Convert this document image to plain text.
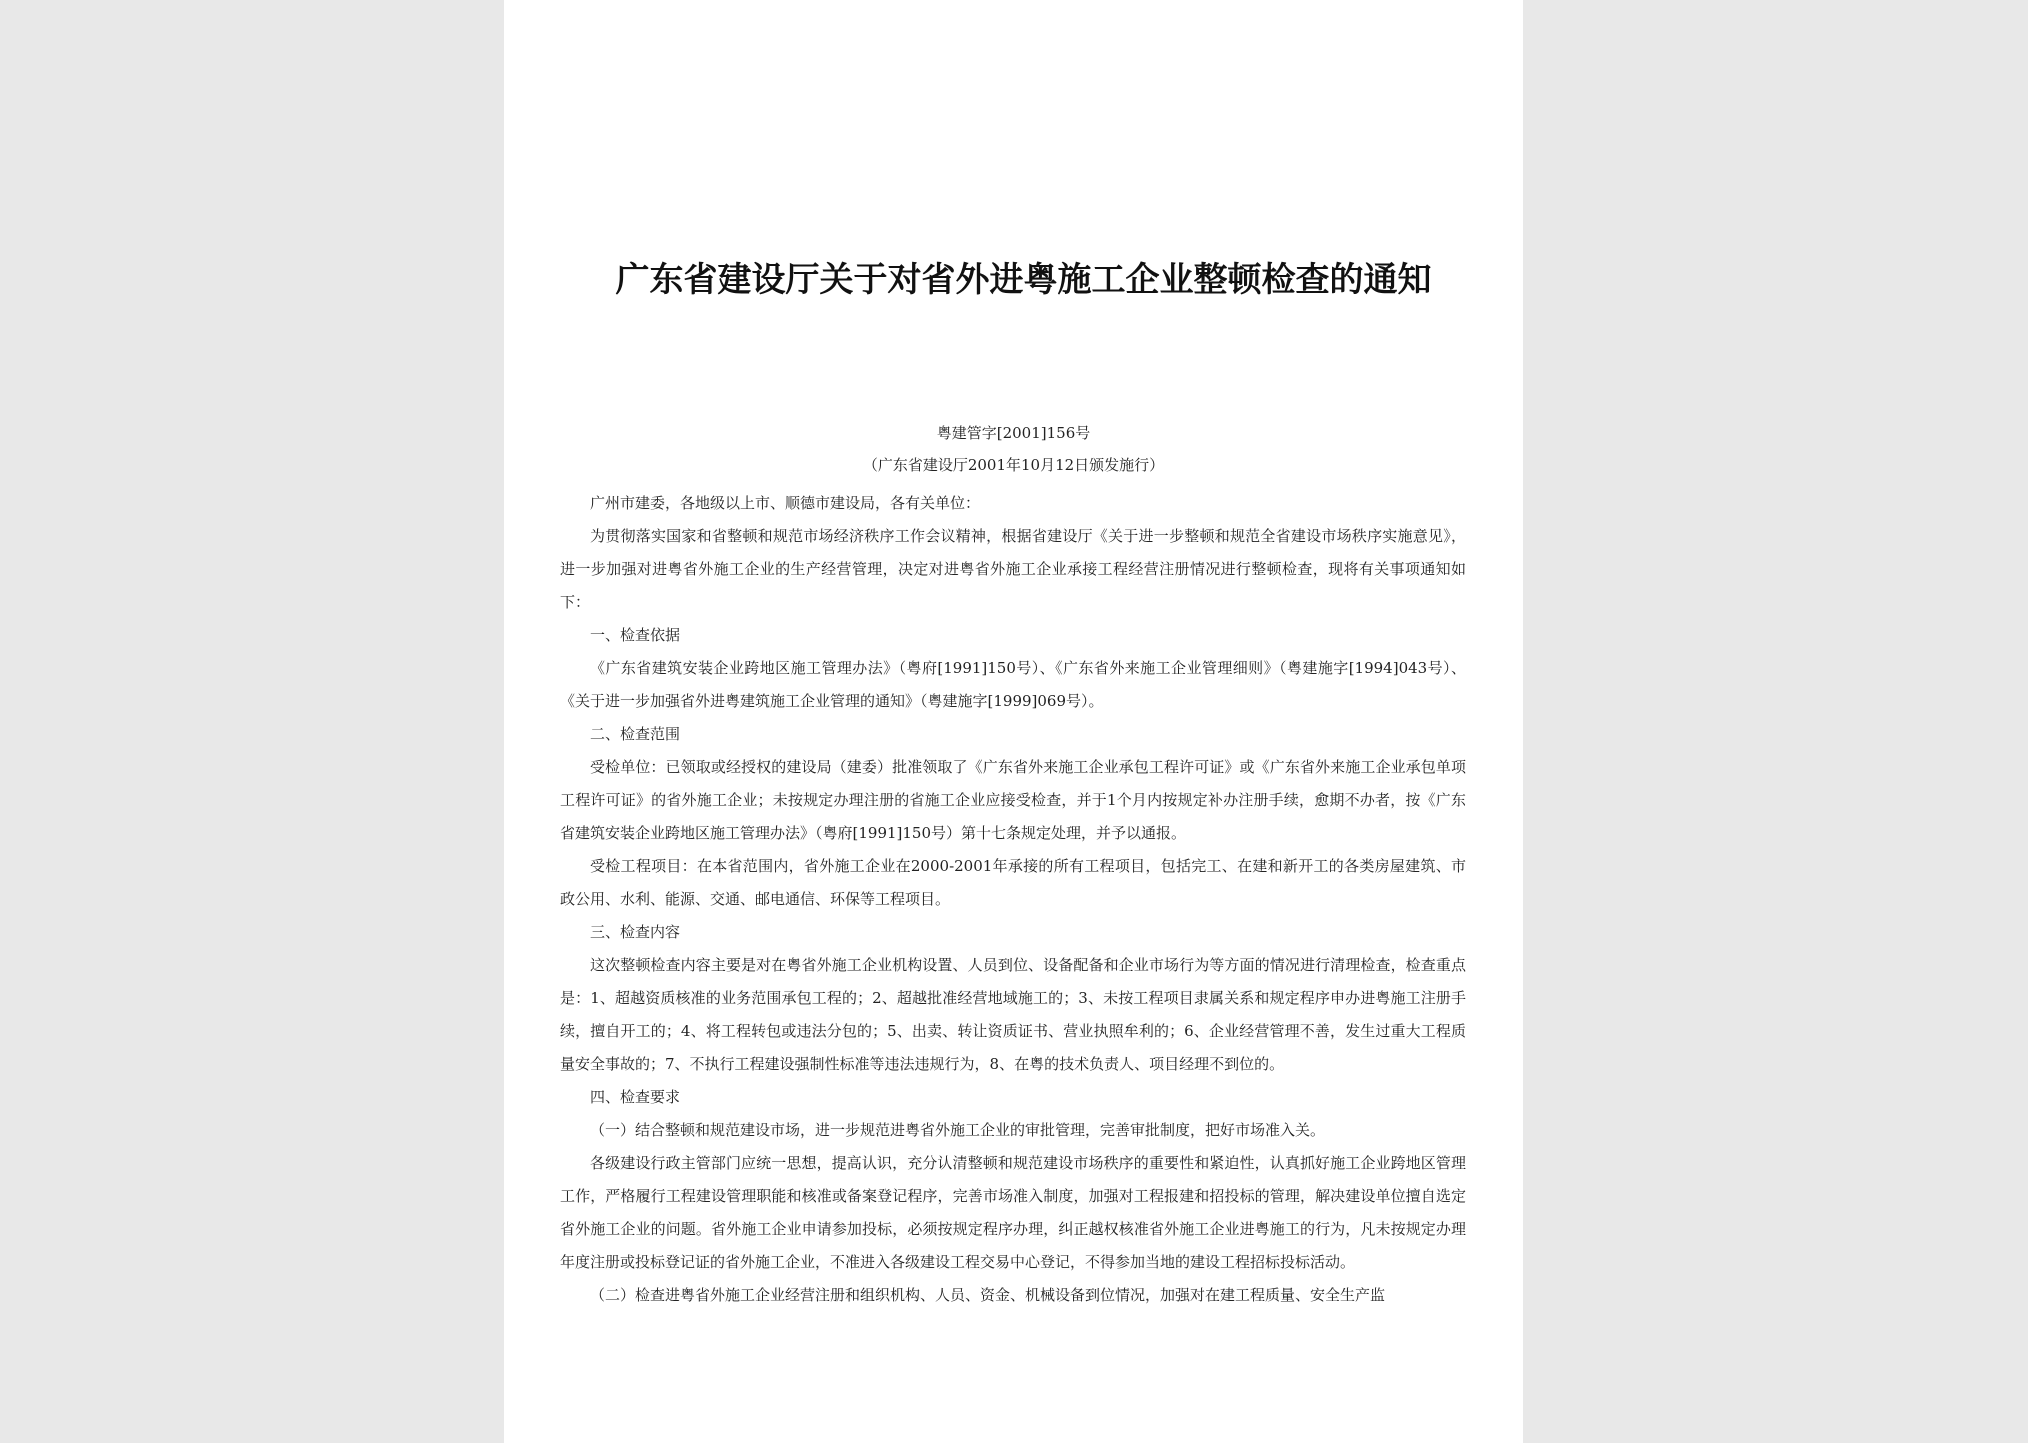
广东省建设厅关于对省外进粤施工企业整顿检查的通知
粤建管字[2001]156号
（广东省建设厅2001年10月12日颁发施行）

广州市建委，各地级以上市、顺德市建设局，各有关单位：

为贯彻落实国家和省整顿和规范市场经济秩序工作会议精神，根据省建设厅《关于进一步整顿和规范全省建设市场秩序实施意见》，进一步加强对进粤省外施工企业的生产经营管理，决定对进粤省外施工企业承接工程经营注册情况进行整顿检查，现将有关事项通知如下：

一、检查依据

《广东省建筑安装企业跨地区施工管理办法》（粤府[1991]150号）、《广东省外来施工企业管理细则》（粤建施字[1994]043号）、《关于进一步加强省外进粤建筑施工企业管理的通知》（粤建施字[1999]069号）。

二、检查范围

受检单位：已领取或经授权的建设局（建委）批准领取了《广东省外来施工企业承包工程许可证》或《广东省外来施工企业承包单项工程许可证》的省外施工企业；未按规定办理注册的省施工企业应接受检查，并于1个月内按规定补办注册手续，愈期不办者，按《广东省建筑安装企业跨地区施工管理办法》（粤府[1991]150号）第十七条规定处理，并予以通报。

受检工程项目：在本省范围内，省外施工企业在2000-2001年承接的所有工程项目，包括完工、在建和新开工的各类房屋建筑、市政公用、水利、能源、交通、邮电通信、环保等工程项目。

三、检查内容

这次整顿检查内容主要是对在粤省外施工企业机构设置、人员到位、设备配备和企业市场行为等方面的情况进行清理检查，检查重点是：1、超越资质核准的业务范围承包工程的；2、超越批准经营地域施工的；3、未按工程项目隶属关系和规定程序申办进粤施工注册手续，擅自开工的；4、将工程转包或违法分包的；5、出卖、转让资质证书、营业执照牟利的；6、企业经营管理不善，发生过重大工程质量安全事故的；7、不执行工程建设强制性标准等违法违规行为，8、在粤的技术负责人、项目经理不到位的。

四、检查要求

（一）结合整顿和规范建设市场，进一步规范进粤省外施工企业的审批管理，完善审批制度，把好市场准入关。

各级建设行政主管部门应统一思想，提高认识，充分认清整顿和规范建设市场秩序的重要性和紧迫性，认真抓好施工企业跨地区管理工作，严格履行工程建设管理职能和核准或备案登记程序，完善市场准入制度，加强对工程报建和招投标的管理，解决建设单位擅自选定省外施工企业的问题。省外施工企业申请参加投标，必须按规定程序办理，纠正越权核准省外施工企业进粤施工的行为，凡未按规定办理年度注册或投标登记证的省外施工企业，不准进入各级建设工程交易中心登记，不得参加当地的建设工程招标投标活动。

（二）检查进粤省外施工企业经营注册和组织机构、人员、资金、机械设备到位情况，加强对在建工程质量、安全生产监
